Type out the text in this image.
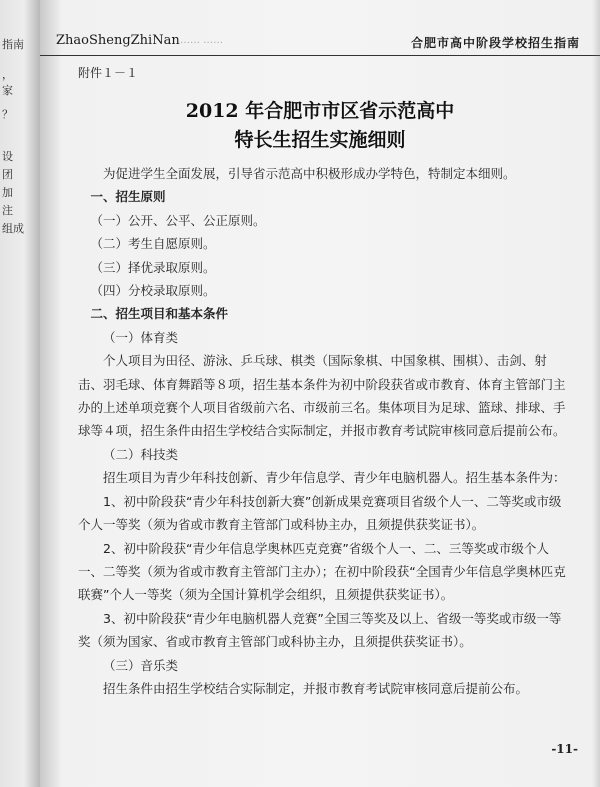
指南
，
家
？
设
团
加
注
组成
ZhaoShengZhiNan …… ……	合肥市高中阶段学校招生指南
附件１－１
2012 年合肥市市区省示范高中
特长生招生实施细则

为促进学生全面发展，引导省示范高中积极形成办学特色，特制定本细则。

一、招生原则

（一）公开、公平、公正原则。

（二）考生自愿原则。

（三）择优录取原则。

（四）分校录取原则。

二、招生项目和基本条件

（一）体育类

个人项目为田径、游泳、乒乓球、棋类（国际象棋、中国象棋、围棋）、击剑、射击、羽毛球、体育舞蹈等８项，招生基本条件为初中阶段获省或市教育、体育主管部门主办的上述单项竞赛个人项目省级前六名、市级前三名。集体项目为足球、篮球、排球、手球等４项，招生条件由招生学校结合实际制定，并报市教育考试院审核同意后提前公布。

（二）科技类

招生项目为青少年科技创新、青少年信息学、青少年电脑机器人。招生基本条件为：

1、初中阶段获“青少年科技创新大赛”创新成果竞赛项目省级个人一、二等奖或市级个人一等奖（须为省或市教育主管部门或科协主办，且须提供获奖证书）。

2、初中阶段获“青少年信息学奥林匹克竞赛”省级个人一、二、三等奖或市级个人一、二等奖（须为省或市教育主管部门主办）；在初中阶段获“全国青少年信息学奥林匹克联赛”个人一等奖（须为全国计算机学会组织，且须提供获奖证书）。

3、初中阶段获“青少年电脑机器人竞赛”全国三等奖及以上、省级一等奖或市级一等奖（须为国家、省或市教育主管部门或科协主办，且须提供获奖证书）。

（三）音乐类

招生条件由招生学校结合实际制定，并报市教育考试院审核同意后提前公布。

-11-
